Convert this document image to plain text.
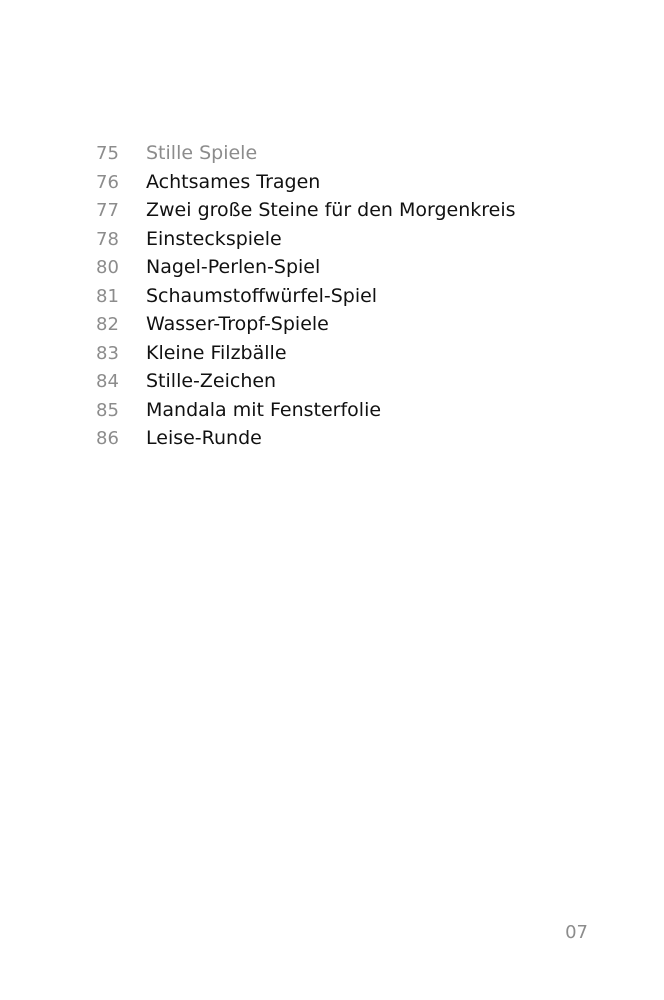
75	Stille Spiele
76	Achtsames Tragen
77	Zwei große Steine für den Morgenkreis
78	Einsteckspiele
80	Nagel-Perlen-Spiel
81	Schaumstoffwürfel-Spiel
82	Wasser-Tropf-Spiele
83	Kleine Filzbälle
84	Stille-Zeichen
85	Mandala mit Fensterfolie
86	Leise-Runde
07
